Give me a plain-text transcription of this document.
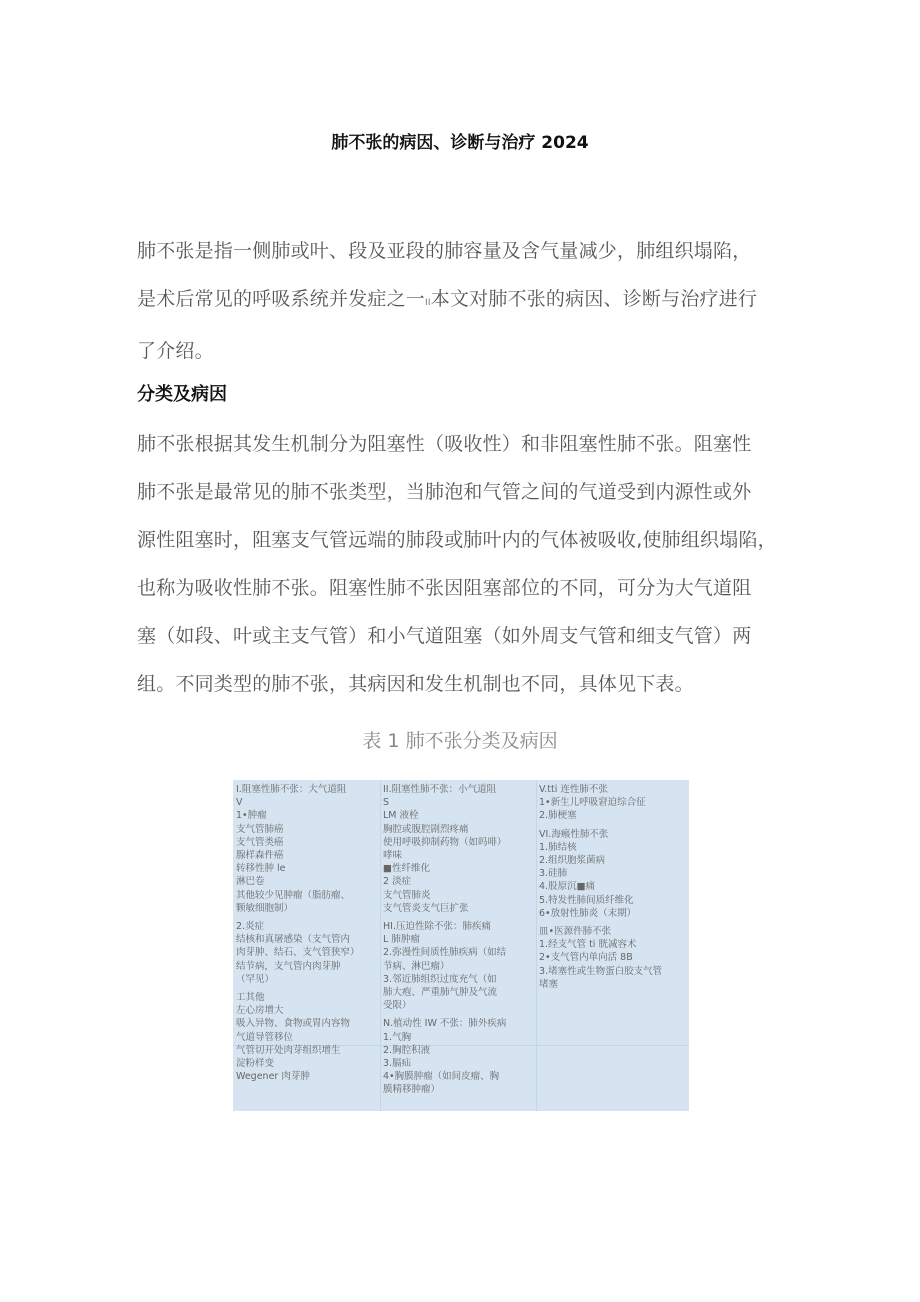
肺不张的病因、诊断与治疗 2024

肺不张是指一侧肺或叶、段及亚段的肺容量及含气量减少，肺组织塌陷，
是术后常见的呼吸系统并发症之一II本文对肺不张的病因、诊断与治疗进行
了介绍。

分类及病因

肺不张根据其发生机制分为阻塞性（吸收性）和非阻塞性肺不张。阻塞性
肺不张是最常见的肺不张类型，当肺泡和气管之间的气道受到内源性或外
源性阻塞时，阻塞支气管远端的肺段或肺叶内的气体被吸收,使肺组织塌陷，
也称为吸收性肺不张。阻塞性肺不张因阻塞部位的不同，可分为大气道阻
塞（如段、叶或主支气管）和小气道阻塞（如外周支气管和细支气管）两
组。不同类型的肺不张，其病因和发生机制也不同，具体见下表。

表 1 肺不张分类及病因
I.阻塞性肺不张：大气道阻
V
1•肿瘤
支气管肺癌
支气管类癌
腺样森件癌
转移性肿 le
淋巴卷
其他较少见肿瘤（脂肪瘤、
颗敏细胞制）
2.炎症
结核和真屠感染（支气管内
肉芽肿、结石、支气管狭窄）
结节病，支气管内肉芽肿
（罕见）
工其他
左心房增大
吸入异物、食物或胃内容物
气道导管移位
气管切开处肉芽组织增生
淀粉样变
Wegener 肉芽肿
II.阻塞性肺不张：小气道阻
S
LM 液栓
胸腔或腹腔剧烈疼痛
使用呼吸抑制药物（如吗啡）
哮味
■性纤维化
2 淡症
支气管肺炎
支气管炎支气巨扩张
HI.压迫性除不张：肺疾痛
L 肺肿瘤
2.弥漫性间质性肺疾病（如结
节病、淋巴瘤）
3.邻近肺组织过度充气（如
肺大疱、严重肺气肿及气流
受限）
N.植动性 IW 不张：肺外疾病
1.气胸
2.胸腔积液
3.膈疝
4•胸膜肿瘤（如间皮瘤、胸
膜精移肿瘤）
V.tti 连性肺不张
1•新生儿呼吸窘迫综合征
2.肺梗塞
VI.海瘢性肺不张
1.肺结核
2.组织胞浆菌病
3.硅肺
4.股原沉■痛
5.特发性肺间质纤维化
6•放射性肺炎（末期）
皿•医源件肺不张
1.经支气管 ti 胱减容术
2•支气管内单向活 8B
3.堵塞性或生物蛋白胶支气管
堵塞
